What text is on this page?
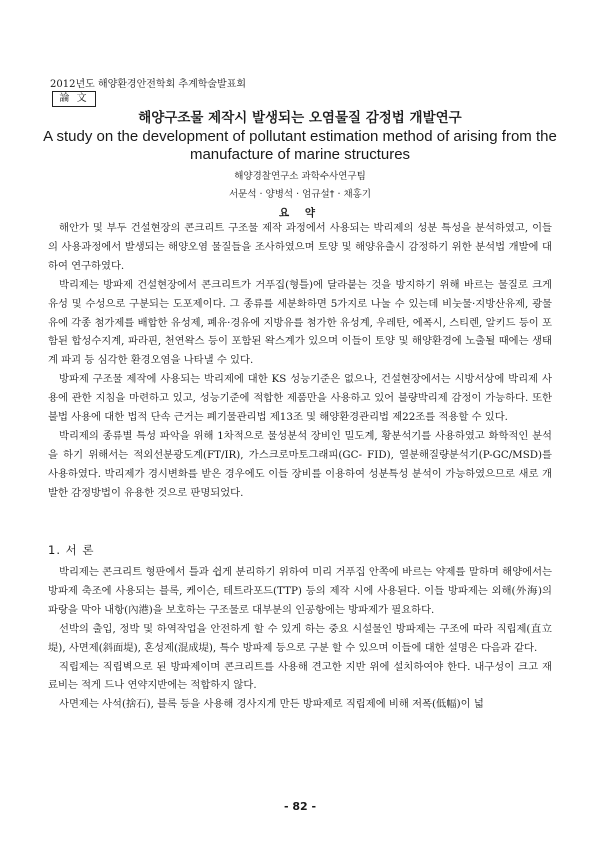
2012년도 해양환경안전학회 추계학술발표회
論 文
해양구조물 제작시 발생되는 오염물질 감정법 개발연구
A study on the development of pollutant estimation method of arising from the manufacture of marine structures
해양경찰연구소 과학수사연구팀
서문석 · 양병석 · 엄규설† · 채홍기
요 약

해안가 및 부두 건설현장의 콘크리트 구조물 제작 과정에서 사용되는 박리제의 성분 특성을 분석하였고, 이들의 사용과정에서 발생되는 해양오염 물질들을 조사하였으며 토양 및 해양유출시 감정하기 위한 분석법 개발에 대하여 연구하였다.

박리제는 방파제 건설현장에서 콘크리트가 거푸집(형틀)에 달라붙는 것을 방지하기 위해 바르는 물질로 크게 유성 및 수성으로 구분되는 도포제이다. 그 종류를 세분화하면 5가지로 나눌 수 있는데 비눗물·지방산유제, 광물유에 각종 첨가제를 배합한 유성제, 폐유·경유에 지방유를 첨가한 유성계, 우레탄, 에폭시, 스티렌, 알키드 등이 포함된 합성수지계, 파라핀, 천연왁스 등이 포함된 왁스계가 있으며 이들이 토양 및 해양환경에 노출될 때에는 생태계 파괴 등 심각한 환경오염을 나타낼 수 있다.

방파제 구조물 제작에 사용되는 박리제에 대한 KS 성능기준은 없으나, 건설현장에서는 시방서상에 박리제 사용에 관한 지침을 마련하고 있고, 성능기준에 적합한 제품만을 사용하고 있어 불량박리제 감정이 가능하다. 또한 불법 사용에 대한 법적 단속 근거는 폐기물관리법 제13조 및 해양환경관리법 제22조를 적용할 수 있다.

박리제의 종류별 특성 파악을 위해 1차적으로 물성분석 장비인 밀도계, 황분석기를 사용하였고 화학적인 분석을 하기 위해서는 적외선분광도계(FT/IR), 가스크로마토그래피(GC- FID), 열분해질량분석기(P-GC/MSD)를 사용하였다. 박리제가 경시변화를 받은 경우에도 이들 장비를 이용하여 성분특성 분석이 가능하였으므로 새로 개발한 감정방법이 유용한 것으로 판명되었다.

1. 서 론

박리제는 콘크리트 형판에서 틀과 쉽게 분리하기 위하여 미리 거푸집 안쪽에 바르는 약제를 말하며 해양에서는 방파제 축조에 사용되는 블록, 케이슨, 테트라포드(TTP) 등의 제작 시에 사용된다. 이들 방파제는 외해(外海)의 파랑을 막아 내항(內港)을 보호하는 구조물로 대부분의 인공항에는 방파제가 필요하다.

선박의 출입, 정박 및 하역작업을 안전하게 할 수 있게 하는 중요 시설물인 방파제는 구조에 따라 직립제(直立堤), 사면제(斜面堤), 혼성제(混成堤), 특수 방파제 등으로 구분 할 수 있으며 이들에 대한 설명은 다음과 같다.

직립제는 직립벽으로 된 방파제이며 콘크리트를 사용해 견고한 지반 위에 설치하여야 한다. 내구성이 크고 재료비는 적게 드나 연약지반에는 적합하지 않다.

사면제는 사석(捨石), 블록 등을 사용해 경사지게 만든 방파제로 직립제에 비해 저폭(低幅)이 넓

- 82 -
